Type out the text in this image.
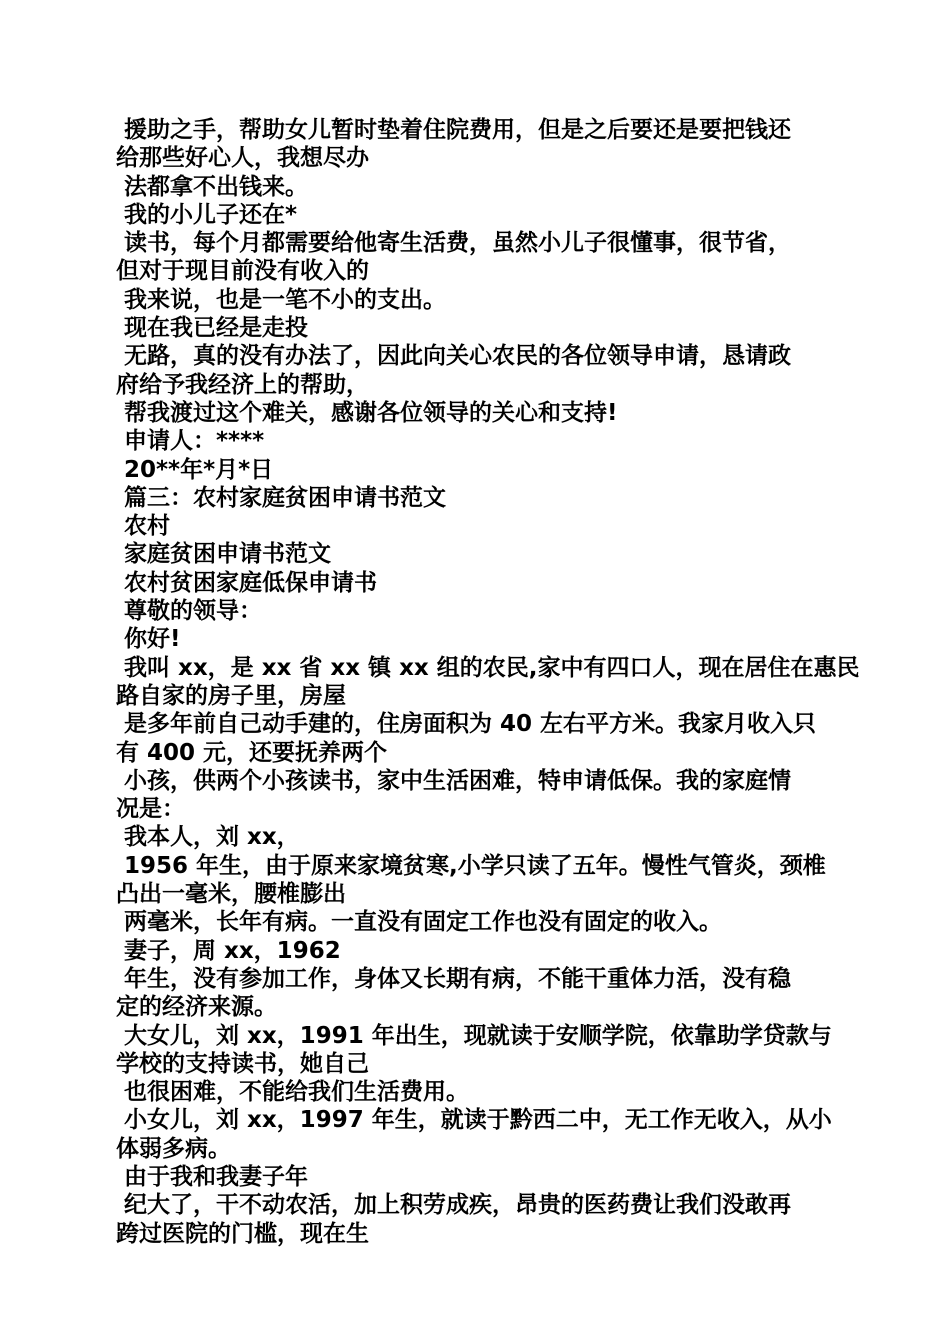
援助之手，帮助女儿暂时垫着住院费用，但是之后要还是要把钱还
给那些好心人，我想尽办
法都拿不出钱来。
我的小儿子还在*
读书，每个月都需要给他寄生活费，虽然小儿子很懂事，很节省，
但对于现目前没有收入的
我来说，也是一笔不小的支出。
现在我已经是走投
无路，真的没有办法了，因此向关心农民的各位领导申请，恳请政
府给予我经济上的帮助，
帮我渡过这个难关，感谢各位领导的关心和支持!
申请人：****
20**年*月*日
篇三：农村家庭贫困申请书范文
农村
家庭贫困申请书范文
农村贫困家庭低保申请书
尊敬的领导：
你好!
我叫 xx，是 xx 省 xx 镇 xx 组的农民,家中有四口人，现在居住在惠民
路自家的房子里，房屋
是多年前自己动手建的，住房面积为 40 左右平方米。我家月收入只
有 400 元，还要抚养两个
小孩，供两个小孩读书，家中生活困难，特申请低保。我的家庭情
况是：
我本人，刘 xx，
1956 年生，由于原来家境贫寒,小学只读了五年。慢性气管炎，颈椎
凸出一毫米，腰椎膨出
两毫米，长年有病。一直没有固定工作也没有固定的收入。
妻子，周 xx，1962
年生，没有参加工作，身体又长期有病，不能干重体力活，没有稳
定的经济来源。
大女儿，刘 xx，1991 年出生，现就读于安顺学院，依靠助学贷款与
学校的支持读书，她自己
也很困难，不能给我们生活费用。
小女儿，刘 xx，1997 年生，就读于黔西二中，无工作无收入，从小
体弱多病。
由于我和我妻子年
纪大了，干不动农活，加上积劳成疾，昂贵的医药费让我们没敢再
跨过医院的门槛，现在生
